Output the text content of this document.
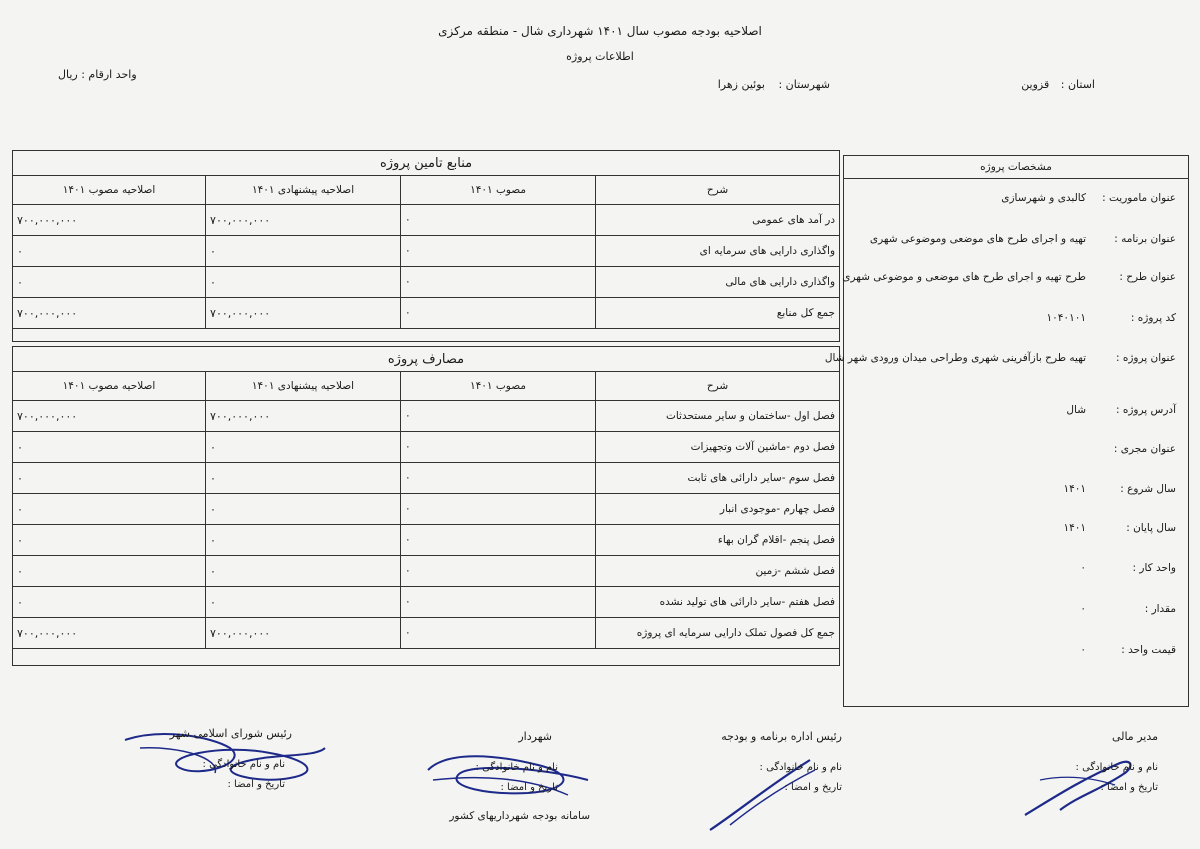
اصلاحیه بودجه مصوب سال ۱۴۰۱ شهرداری شال - منطقه مرکزی
اطلاعات پروژه
استان : قزوین
شهرستان : بوئین زهرا
واحد ارقام : ریال
منابع تامین پروژه			
شرح	مصوب ۱۴۰۱	اصلاحیه پیشنهادی ۱۴۰۱	اصلاحیه مصوب ۱۴۰۱
در آمد های عمومی	۰	۷۰۰,۰۰۰,۰۰۰	۷۰۰,۰۰۰,۰۰۰
واگذاری دارایی های سرمایه ای	۰	۰	۰
واگذاری دارایی های مالی	۰	۰	۰
جمع کل منابع	۰	۷۰۰,۰۰۰,۰۰۰	۷۰۰,۰۰۰,۰۰۰
مصارف پروژه			
شرح	مصوب ۱۴۰۱	اصلاحیه پیشنهادی ۱۴۰۱	اصلاحیه مصوب ۱۴۰۱
فصل اول -ساختمان و سایر مستحدثات	۰	۷۰۰,۰۰۰,۰۰۰	۷۰۰,۰۰۰,۰۰۰
فصل دوم -ماشین آلات وتجهیزات	۰	۰	۰
فصل سوم -سایر دارائی های ثابت	۰	۰	۰
فصل چهارم -موجودی انبار	۰	۰	۰
فصل پنجم -اقلام گران بهاء	۰	۰	۰
فصل ششم -زمین	۰	۰	۰
فصل هفتم -سایر دارائی های تولید نشده	۰	۰	۰
جمع کل فصول تملک دارایی سرمایه ای پروژه	۰	۷۰۰,۰۰۰,۰۰۰	۷۰۰,۰۰۰,۰۰۰
مشخصات پروژه
عنوان ماموریت :
کالبدی و شهرسازی
عنوان برنامه :
تهیه و اجرای طرح های موضعی وموضوعی شهری
عنوان طرح :
طرح تهیه و اجرای طرح های موضعی و موضوعی شهری
کد پروژه :
۱۰۴۰۱۰۱
عنوان پروژه :
تهیه طرح بازآفرینی شهری وطراحی میدان ورودی شهر شال
آدرس پروژه :
شال
عنوان مجری :
سال شروع :
۱۴۰۱
سال پایان :
۱۴۰۱
واحد کار :
۰
مقدار :
۰
قیمت واحد :
۰
مدیر مالی
نام و نام خانوادگی :
تاریخ و امضا :
رئیس اداره برنامه و بودجه
نام و نام خانوادگی :
تاریخ و امضا :
شهردار
نام و نام خانوادگی :
تاریخ و امضا :
رئیس شورای اسلامی شهر
نام و نام خانوادگی :
تاریخ و امضا :
سامانه بودجه شهرداریهای کشور
